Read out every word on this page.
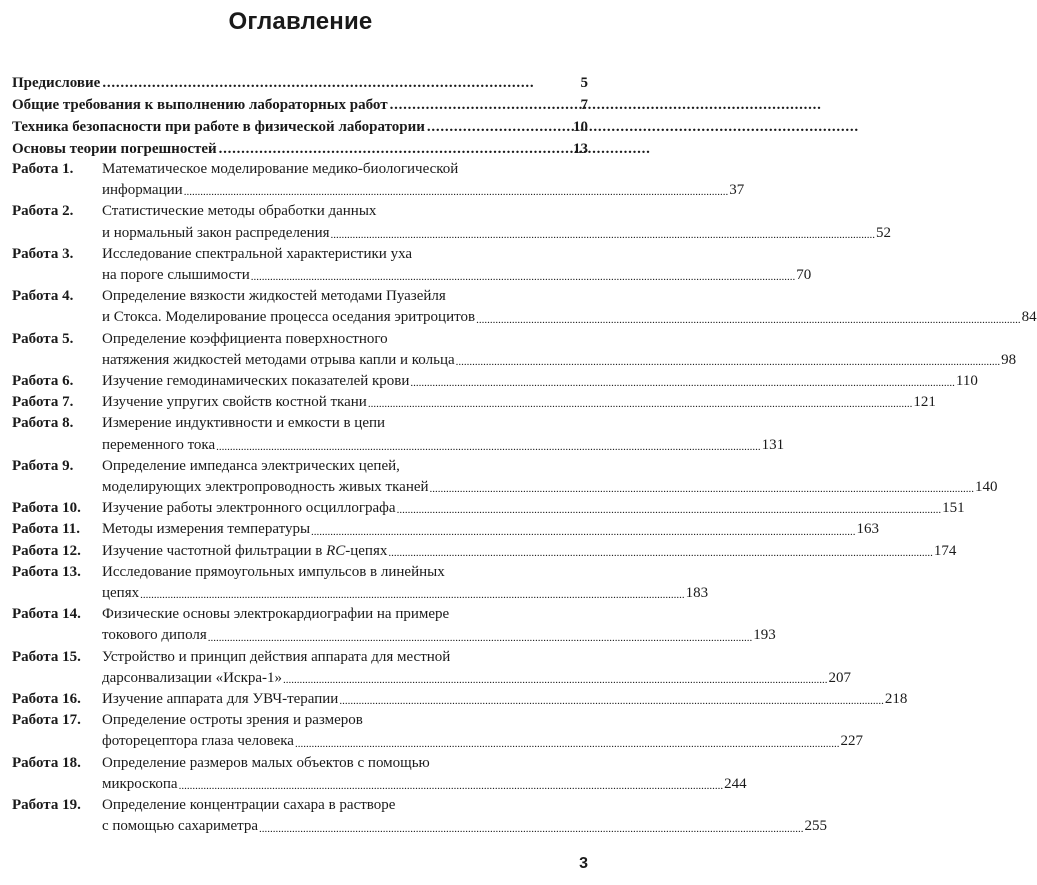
Оглавление
Предисловие . . .	5
Общие требования к выполнению лабораторных работ . . .	7
Техника безопасности при работе в физической лаборатории . . .	10
Основы теории погрешностей . . .	13
Работа 1.	Математическое моделирование медико-биологической
информации .....	37
Работа 2.	Статистические методы обработки данных
и нормальный закон распределения .....	52
Работа 3.	Исследование спектральной характеристики уха
на пороге слышимости .....	70
Работа 4.	Определение вязкости жидкостей методами Пуазейля
и Стокса. Моделирование процесса оседания эритроцитов .....	84
Работа 5.	Определение коэффициента поверхностного
натяжения жидкостей методами отрыва капли и кольца .....	98
Работа 6.	Изучение гемодинамических показателей крови .....	110
Работа 7.	Изучение упругих свойств костной ткани .....	121
Работа 8.	Измерение индуктивности и емкости в цепи
переменного тока .....	131
Работа 9.	Определение импеданса электрических цепей,
моделирующих электропроводность живых тканей .....	140
Работа 10.	Изучение работы электронного осциллографа .....	151
Работа 11.	Методы измерения температуры .....	163
Работа 12.	Изучение частотной фильтрации в RC-цепях .....	174
Работа 13.	Исследование прямоугольных импульсов в линейных
цепях .....	183
Работа 14.	Физические основы электрокардиографии на примере
токового диполя .....	193
Работа 15.	Устройство и принцип действия аппарата для местной
дарсонвализации «Искра-1» .....	207
Работа 16.	Изучение аппарата для УВЧ-терапии .....	218
Работа 17.	Определение остроты зрения и размеров
фоторецептора глаза человека .....	227
Работа 18.	Определение размеров малых объектов с помощью
микроскопа .....	244
Работа 19.	Определение концентрации сахара в растворе
с помощью сахариметра .....	255
3
